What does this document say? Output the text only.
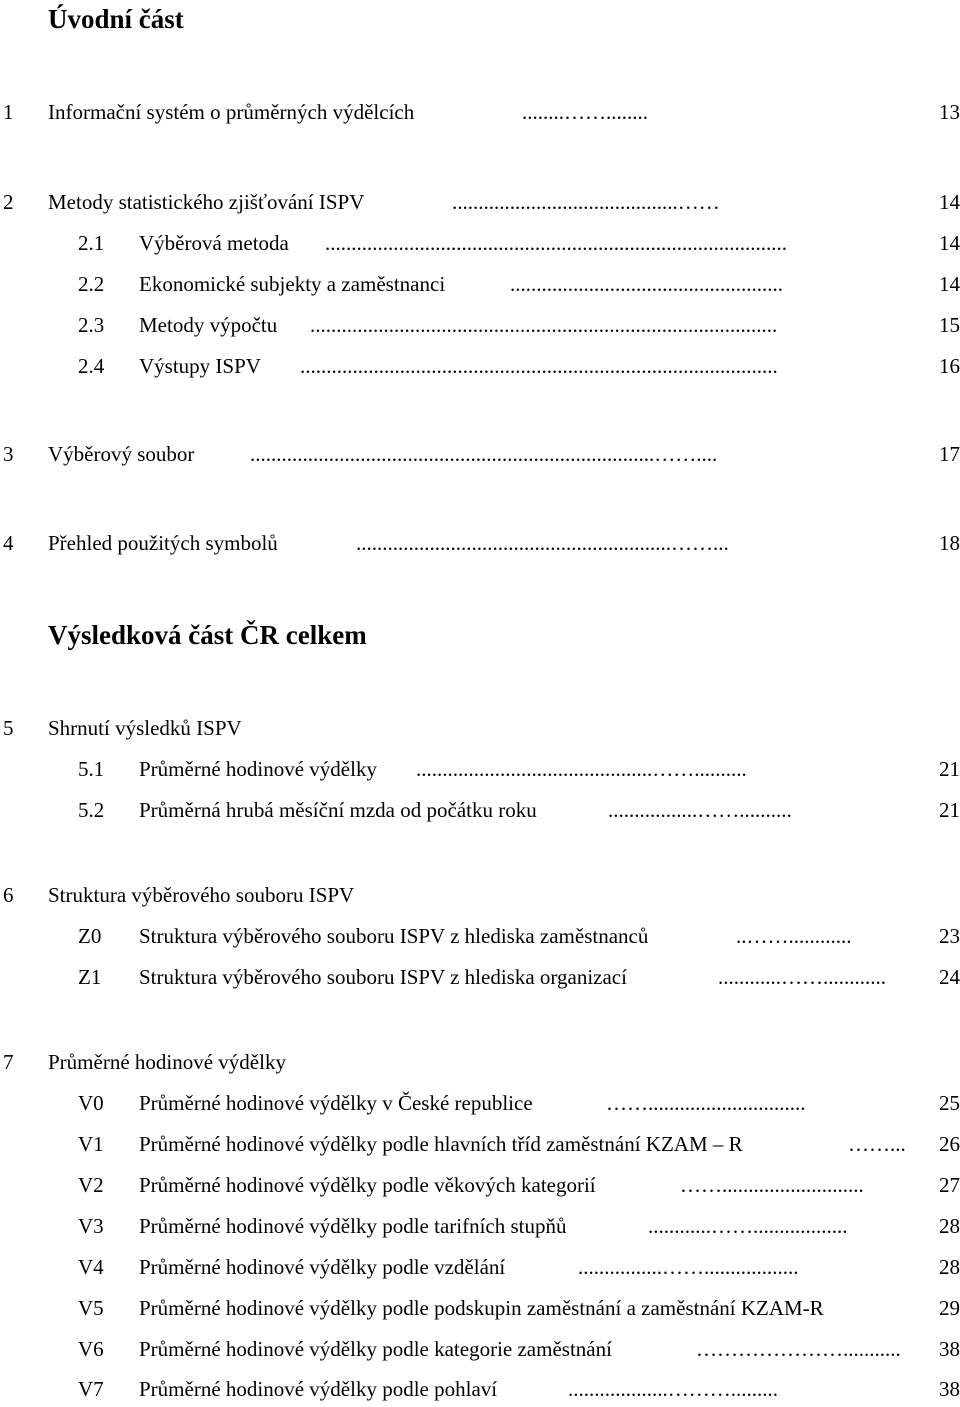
Úvodní část
Výsledková část ČR celkem
1 Informační systém o průměrných výdělcích	........……........	13
2 Metody statistického zjišťování ISPV	...........................................……	14
2.1 Výběrová metoda ........................................................................................	14
2.2 Ekonomické subjekty a zaměstnanci	....................................................	14
2.3 Metody výpočtu .........................................................................................	15
2.4 Výstupy ISPV ...........................................................................................	16
3 Výběrový soubor	.............................................................................……....	17
4 Přehled použitých symbolů	............................................................……...	18
5 Shrnutí výsledků ISPV
5.1 Průměrné hodinové výdělky .............................................……..........	21
5.2 Průměrná hrubá měsíční mzda od počátku roku	.................……..........	21
6 Struktura výběrového souboru ISPV
Z0 Struktura výběrového souboru ISPV z hlediska zaměstnanců	..……............	23
Z1 Struktura výběrového souboru ISPV z hlediska organizací	............……............	24
7 Průměrné hodinové výdělky
V0 Průměrné hodinové výdělky v České republice	……..............................	25
V1 Průměrné hodinové výdělky podle hlavních tříd zaměstnání KZAM – R	……...	26
V2 Průměrné hodinové výdělky podle věkových kategorií	……...........................	27
V3 Průměrné hodinové výdělky podle tarifních stupňů	............……..................	28
V4 Průměrné hodinové výdělky podle vzdělání	................……..................	28
V5 Průměrné hodinové výdělky podle podskupin zaměstnání a zaměstnání KZAM-R	29
V6 Průměrné hodinové výdělky podle kategorie zaměstnání	…………………...........	38
V7 Průměrné hodinové výdělky podle pohlaví	...................……….........	38
